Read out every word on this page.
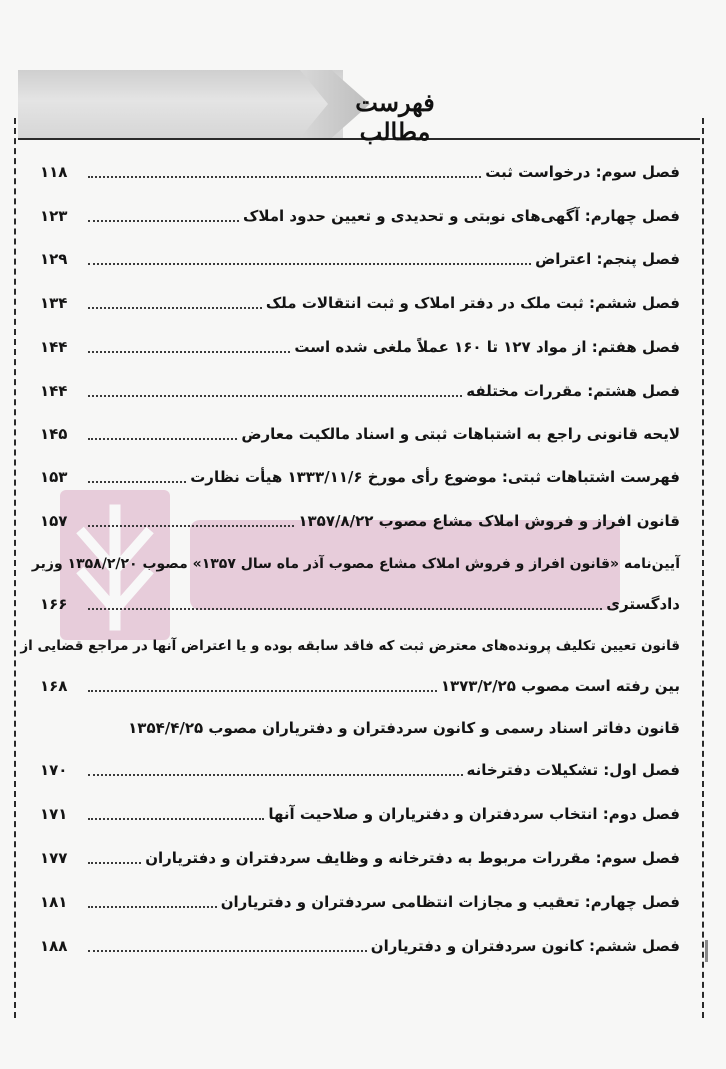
فهرست مطالب
فصل سوم: درخواست ثبت
۱۱۸
فصل چهارم: آگهی‌های نوبتی و تحدیدی و تعیین حدود املاک
۱۲۳
فصل پنجم: اعتراض
۱۲۹
فصل ششم: ثبت ملک در دفتر املاک و ثبت انتقالات ملک
۱۳۴
فصل هفتم: از مواد ۱۲۷ تا ۱۶۰ عملاً ملغی شده است
۱۴۴
فصل هشتم: مقررات مختلفه
۱۴۴
لایحه قانونی راجع به اشتباهات ثبتی و اسناد مالکیت معارض
۱۴۵
فهرست اشتباهات ثبتی: موضوع رأی مورخ ۱۳۳۳/۱۱/۶ هیأت نظارت
۱۵۳
قانون افراز و فروش املاک مشاع مصوب ۱۳۵۷/۸/۲۲
۱۵۷
آیین‌نامه «قانون افراز و فروش املاک مشاع مصوب آذر ماه سال ۱۳۵۷» مصوب ۱۳۵۸/۲/۲۰ وزیر
دادگستری
۱۶۶
قانون تعیین تکلیف پرونده‌های معترض ثبت که فاقد سابقه بوده و یا اعتراض آنها در مراجع قضایی از
بین رفته است مصوب ۱۳۷۳/۲/۲۵
۱۶۸
قانون دفاتر اسناد رسمی و کانون سردفتران و دفتریاران مصوب ۱۳۵۴/۴/۲۵
فصل اول: تشکیلات دفترخانه
۱۷۰
فصل دوم: انتخاب سردفتران و دفتریاران و صلاحیت آنها
۱۷۱
فصل سوم: مقررات مربوط به دفترخانه و وظایف سردفتران و دفتریاران
۱۷۷
فصل چهارم: تعقیب و مجازات انتظامی سردفتران و دفتریاران
۱۸۱
فصل ششم: کانون سردفتران و دفتریاران
۱۸۸
